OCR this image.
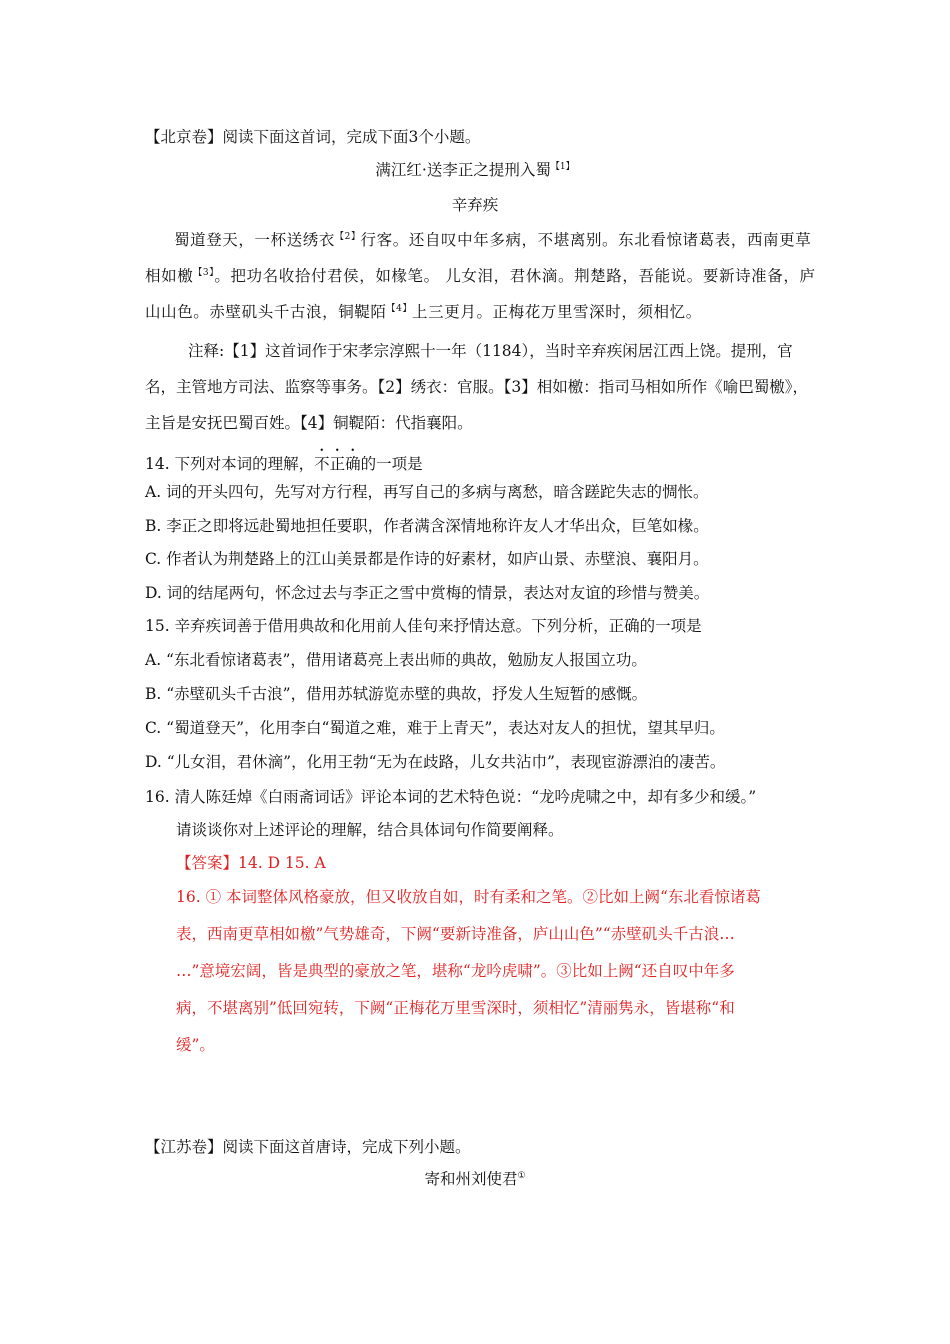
【北京卷】阅读下面这首词，完成下面3个小题。
满江红·送李正之提刑入蜀$^{【1】}$
辛弃疾
蜀道登天，一杯送绣衣$^{【2】}$行客。还自叹中年多病，不堪离别。东北看惊诸葛表，西南更草
相如檄$^{【3】}$。把功名收拾付君侯，如椽笔。 儿女泪，君休滴。荆楚路，吾能说。要新诗准备，庐
山山色。赤壁矶头千古浪，铜鞮陌$^{【4】}$上三更月。正梅花万里雪深时，须相忆。
注释:【1】这首词作于宋孝宗淳熙十一年（1184），当时辛弃疾闲居江西上饶。提刑，官
名，主管地方司法、监察等事务。【2】绣衣：官服。【3】相如檄：指司马相如所作《喻巴蜀檄》，
主旨是安抚巴蜀百姓。【4】铜鞮陌：代指襄阳。
14. 下列对本词的理解，不正确的一项是
A. 词的开头四句，先写对方行程，再写自己的多病与离愁，暗含蹉跎失志的惆怅。
B. 李正之即将远赴蜀地担任要职，作者满含深情地称许友人才华出众，巨笔如椽。
C. 作者认为荆楚路上的江山美景都是作诗的好素材，如庐山景、赤壁浪、襄阳月。
D. 词的结尾两句，怀念过去与李正之雪中赏梅的情景，表达对友谊的珍惜与赞美。
15. 辛弃疾词善于借用典故和化用前人佳句来抒情达意。下列分析，正确的一项是
A. “东北看惊诸葛表”，借用诸葛亮上表出师的典故，勉励友人报国立功。
B. “赤壁矶头千古浪”，借用苏轼游览赤壁的典故，抒发人生短暂的感慨。
C. “蜀道登天”，化用李白“蜀道之难，难于上青天”，表达对友人的担忧，望其早归。
D. “儿女泪，君休滴”，化用王勃“无为在歧路，儿女共沾巾”，表现宦游漂泊的凄苦。
16. 清人陈廷焯《白雨斋词话》评论本词的艺术特色说：“龙吟虎啸之中，却有多少和缓。”
请谈谈你对上述评论的理解，结合具体词句作简要阐释。
【答案】14. D 15. A
16. ① 本词整体风格豪放，但又收放自如，时有柔和之笔。②比如上阙“东北看惊诸葛
表，西南更草相如檄”气势雄奇，下阙“要新诗准备，庐山山色”“赤壁矶头千古浪…
…”意境宏阔，皆是典型的豪放之笔，堪称“龙吟虎啸”。③比如上阙“还自叹中年多
病，不堪离别”低回宛转，下阙“正梅花万里雪深时，须相忆”清丽隽永，皆堪称“和
缓”。
【江苏卷】阅读下面这首唐诗，完成下列小题。
寄和州刘使君①
